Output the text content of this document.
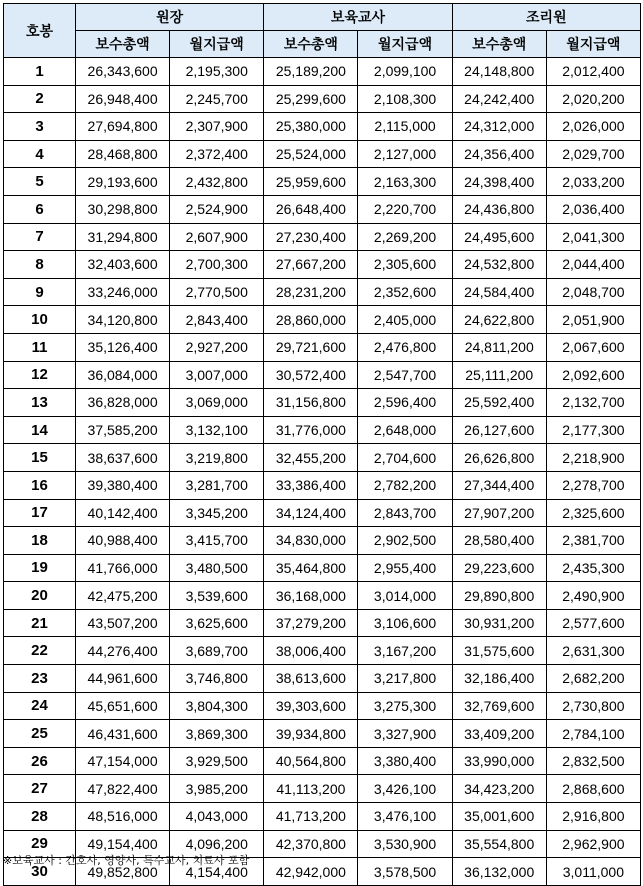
호봉	원장		보육교사		조리원	
	보수총액	월지급액	보수총액	월지급액	보수총액	월지급액
1	26,343,600	2,195,300	25,189,200	2,099,100	24,148,800	2,012,400
2	26,948,400	2,245,700	25,299,600	2,108,300	24,242,400	2,020,200
3	27,694,800	2,307,900	25,380,000	2,115,000	24,312,000	2,026,000
4	28,468,800	2,372,400	25,524,000	2,127,000	24,356,400	2,029,700
5	29,193,600	2,432,800	25,959,600	2,163,300	24,398,400	2,033,200
6	30,298,800	2,524,900	26,648,400	2,220,700	24,436,800	2,036,400
7	31,294,800	2,607,900	27,230,400	2,269,200	24,495,600	2,041,300
8	32,403,600	2,700,300	27,667,200	2,305,600	24,532,800	2,044,400
9	33,246,000	2,770,500	28,231,200	2,352,600	24,584,400	2,048,700
10	34,120,800	2,843,400	28,860,000	2,405,000	24,622,800	2,051,900
11	35,126,400	2,927,200	29,721,600	2,476,800	24,811,200	2,067,600
12	36,084,000	3,007,000	30,572,400	2,547,700	25,111,200	2,092,600
13	36,828,000	3,069,000	31,156,800	2,596,400	25,592,400	2,132,700
14	37,585,200	3,132,100	31,776,000	2,648,000	26,127,600	2,177,300
15	38,637,600	3,219,800	32,455,200	2,704,600	26,626,800	2,218,900
16	39,380,400	3,281,700	33,386,400	2,782,200	27,344,400	2,278,700
17	40,142,400	3,345,200	34,124,400	2,843,700	27,907,200	2,325,600
18	40,988,400	3,415,700	34,830,000	2,902,500	28,580,400	2,381,700
19	41,766,000	3,480,500	35,464,800	2,955,400	29,223,600	2,435,300
20	42,475,200	3,539,600	36,168,000	3,014,000	29,890,800	2,490,900
21	43,507,200	3,625,600	37,279,200	3,106,600	30,931,200	2,577,600
22	44,276,400	3,689,700	38,006,400	3,167,200	31,575,600	2,631,300
23	44,961,600	3,746,800	38,613,600	3,217,800	32,186,400	2,682,200
24	45,651,600	3,804,300	39,303,600	3,275,300	32,769,600	2,730,800
25	46,431,600	3,869,300	39,934,800	3,327,900	33,409,200	2,784,100
26	47,154,000	3,929,500	40,564,800	3,380,400	33,990,000	2,832,500
27	47,822,400	3,985,200	41,113,200	3,426,100	34,423,200	2,868,600
28	48,516,000	4,043,000	41,713,200	3,476,100	35,001,600	2,916,800
29	49,154,400	4,096,200	42,370,800	3,530,900	35,554,800	2,962,900
30	49,852,800	4,154,400	42,942,000	3,578,500	36,132,000	3,011,000
※보육교사 : 간호사, 영양사, 특수교사, 치료사 포함
